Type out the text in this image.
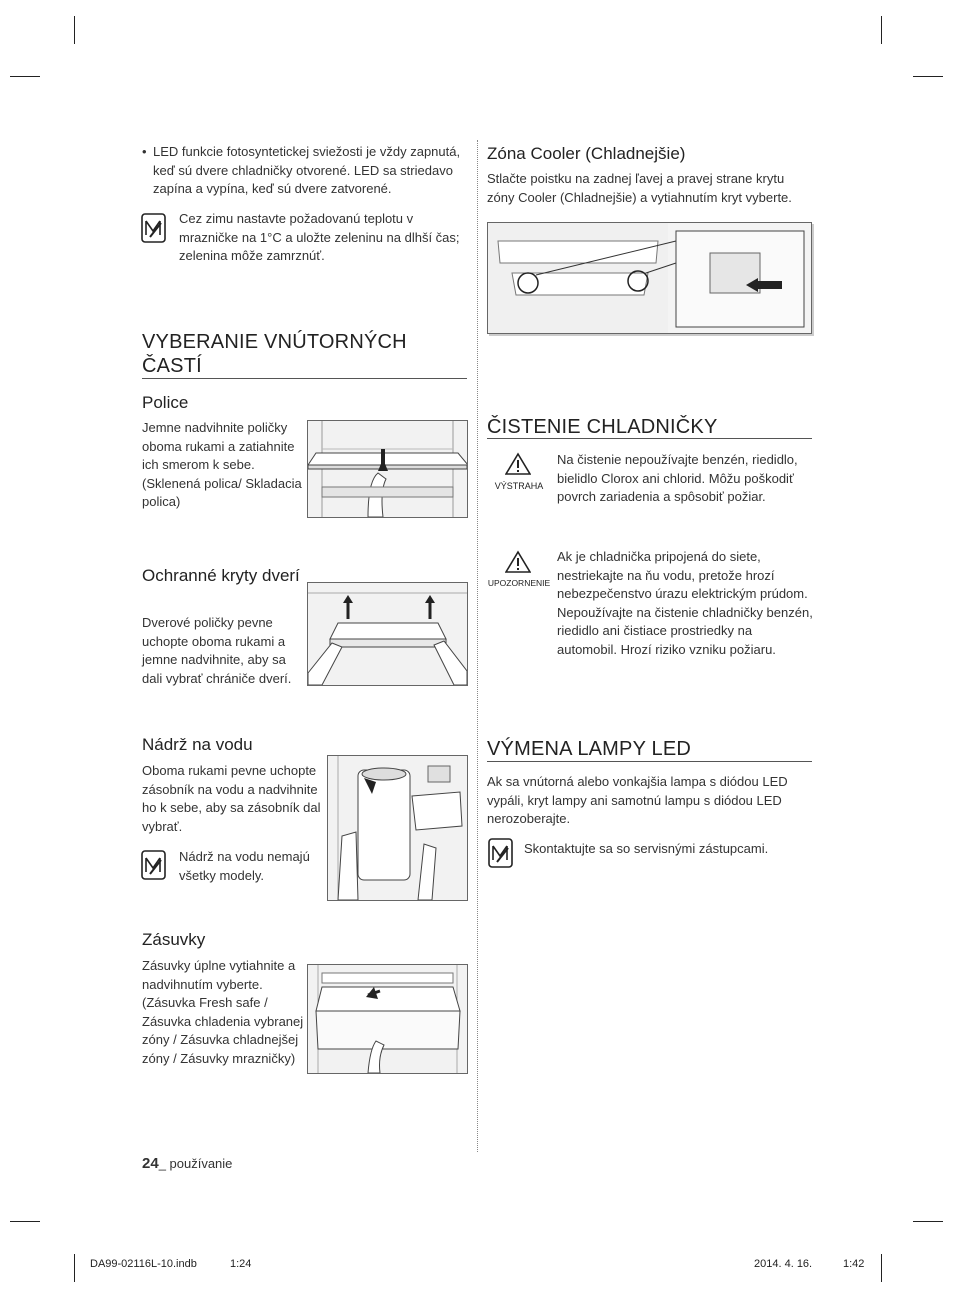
• LED funkcie fotosyntetickej sviežosti je vždy zapnutá, keď sú dvere chladničky otvorené. LED sa striedavo zapína a vypína, keď sú dvere zatvorené.
Cez zimu nastavte požadovanú teplotu v mrazničke na 1°C a uložte zeleninu na dlhší čas; zelenina môže zamrznúť.
VYBERANIE VNÚTORNÝCH ČASTÍ
Police
Jemne nadvihnite poličky oboma rukami a zatiahnite ich smerom k sebe. (Sklenená polica/ Skladacia polica)
Ochranné kryty dverí
Dverové poličky pevne uchopte oboma rukami a jemne nadvihnite, aby sa dali vybrať chrániče dverí.
Nádrž na vodu
Oboma rukami pevne uchopte zásobník na vodu a nadvihnite ho k sebe, aby sa zásobník dal vybrať.
Nádrž na vodu nemajú všetky modely.
Zásuvky
Zásuvky úplne vytiahnite a nadvihnutím vyberte. (Zásuvka Fresh safe / Zásuvka chladenia vybranej zóny / Zásuvka chladnejšej zóny / Zásuvky mrazničky)
Zóna Cooler (Chladnejšie)
Stlačte poistku na zadnej ľavej a pravej strane krytu zóny Cooler (Chladnejšie) a vytiahnutím kryt vyberte.
ČISTENIE CHLADNIČKY
VÝSTRAHA
Na čistenie nepoužívajte benzén, riedidlo, bielidlo Clorox ani chlorid. Môžu poškodiť povrch zariadenia a spôsobiť požiar.
UPOZORNENIE
Ak je chladnička pripojená do siete, nestriekajte na ňu vodu, pretože hrozí nebezpečenstvo úrazu elektrickým prúdom. Nepoužívajte na čistenie chladničky benzén, riedidlo ani čistiace prostriedky na automobil. Hrozí riziko vzniku požiaru.
VÝMENA LAMPY LED
Ak sa vnútorná alebo vonkajšia lampa s diódou LED vypáli, kryt lampy ani samotnú lampu s diódou LED nerozoberajte.
Skontaktujte sa so servisnými zástupcami.
24_ používanie
DA99-02116L-10.indb	1:24	2014. 4. 16.	1:42
